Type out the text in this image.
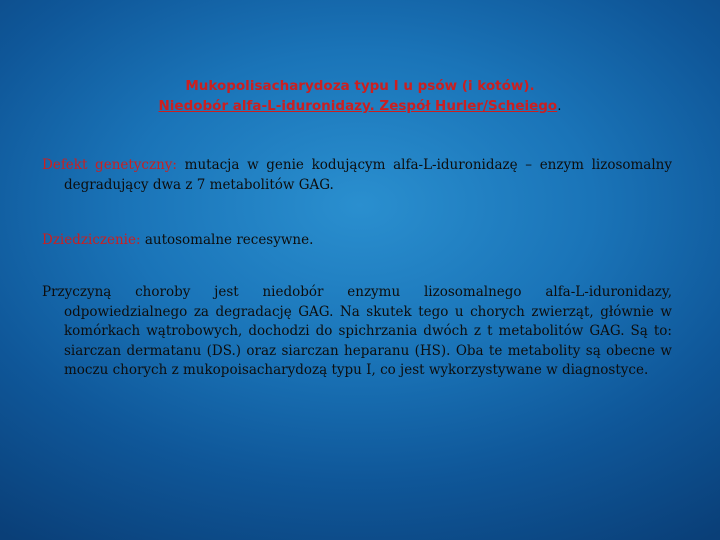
Mukopolisacharydoza typu I u psów (i kotów).
Niedobór alfa-L-iduronidazy. Zespół Hurler/Scheiego.

Defekt genetyczny: mutacja w genie kodującym alfa-L-iduronidazę – enzym lizosomalny degradujący dwa z 7 metabolitów GAG.

Dziedziczenie: autosomalne recesywne.

Przyczyną choroby jest niedobór enzymu lizosomalnego alfa-L-iduronidazy, odpowiedzialnego za degradację GAG. Na skutek tego u chorych zwierząt, głównie w komórkach wątrobowych, dochodzi do spichrzania dwóch z t metabolitów GAG. Są to: siarczan dermatanu (DS.) oraz siarczan heparanu (HS). Oba te metabolity są obecne w moczu chorych z mukopoisacharydozą typu I, co jest wykorzystywane w diagnostyce.
